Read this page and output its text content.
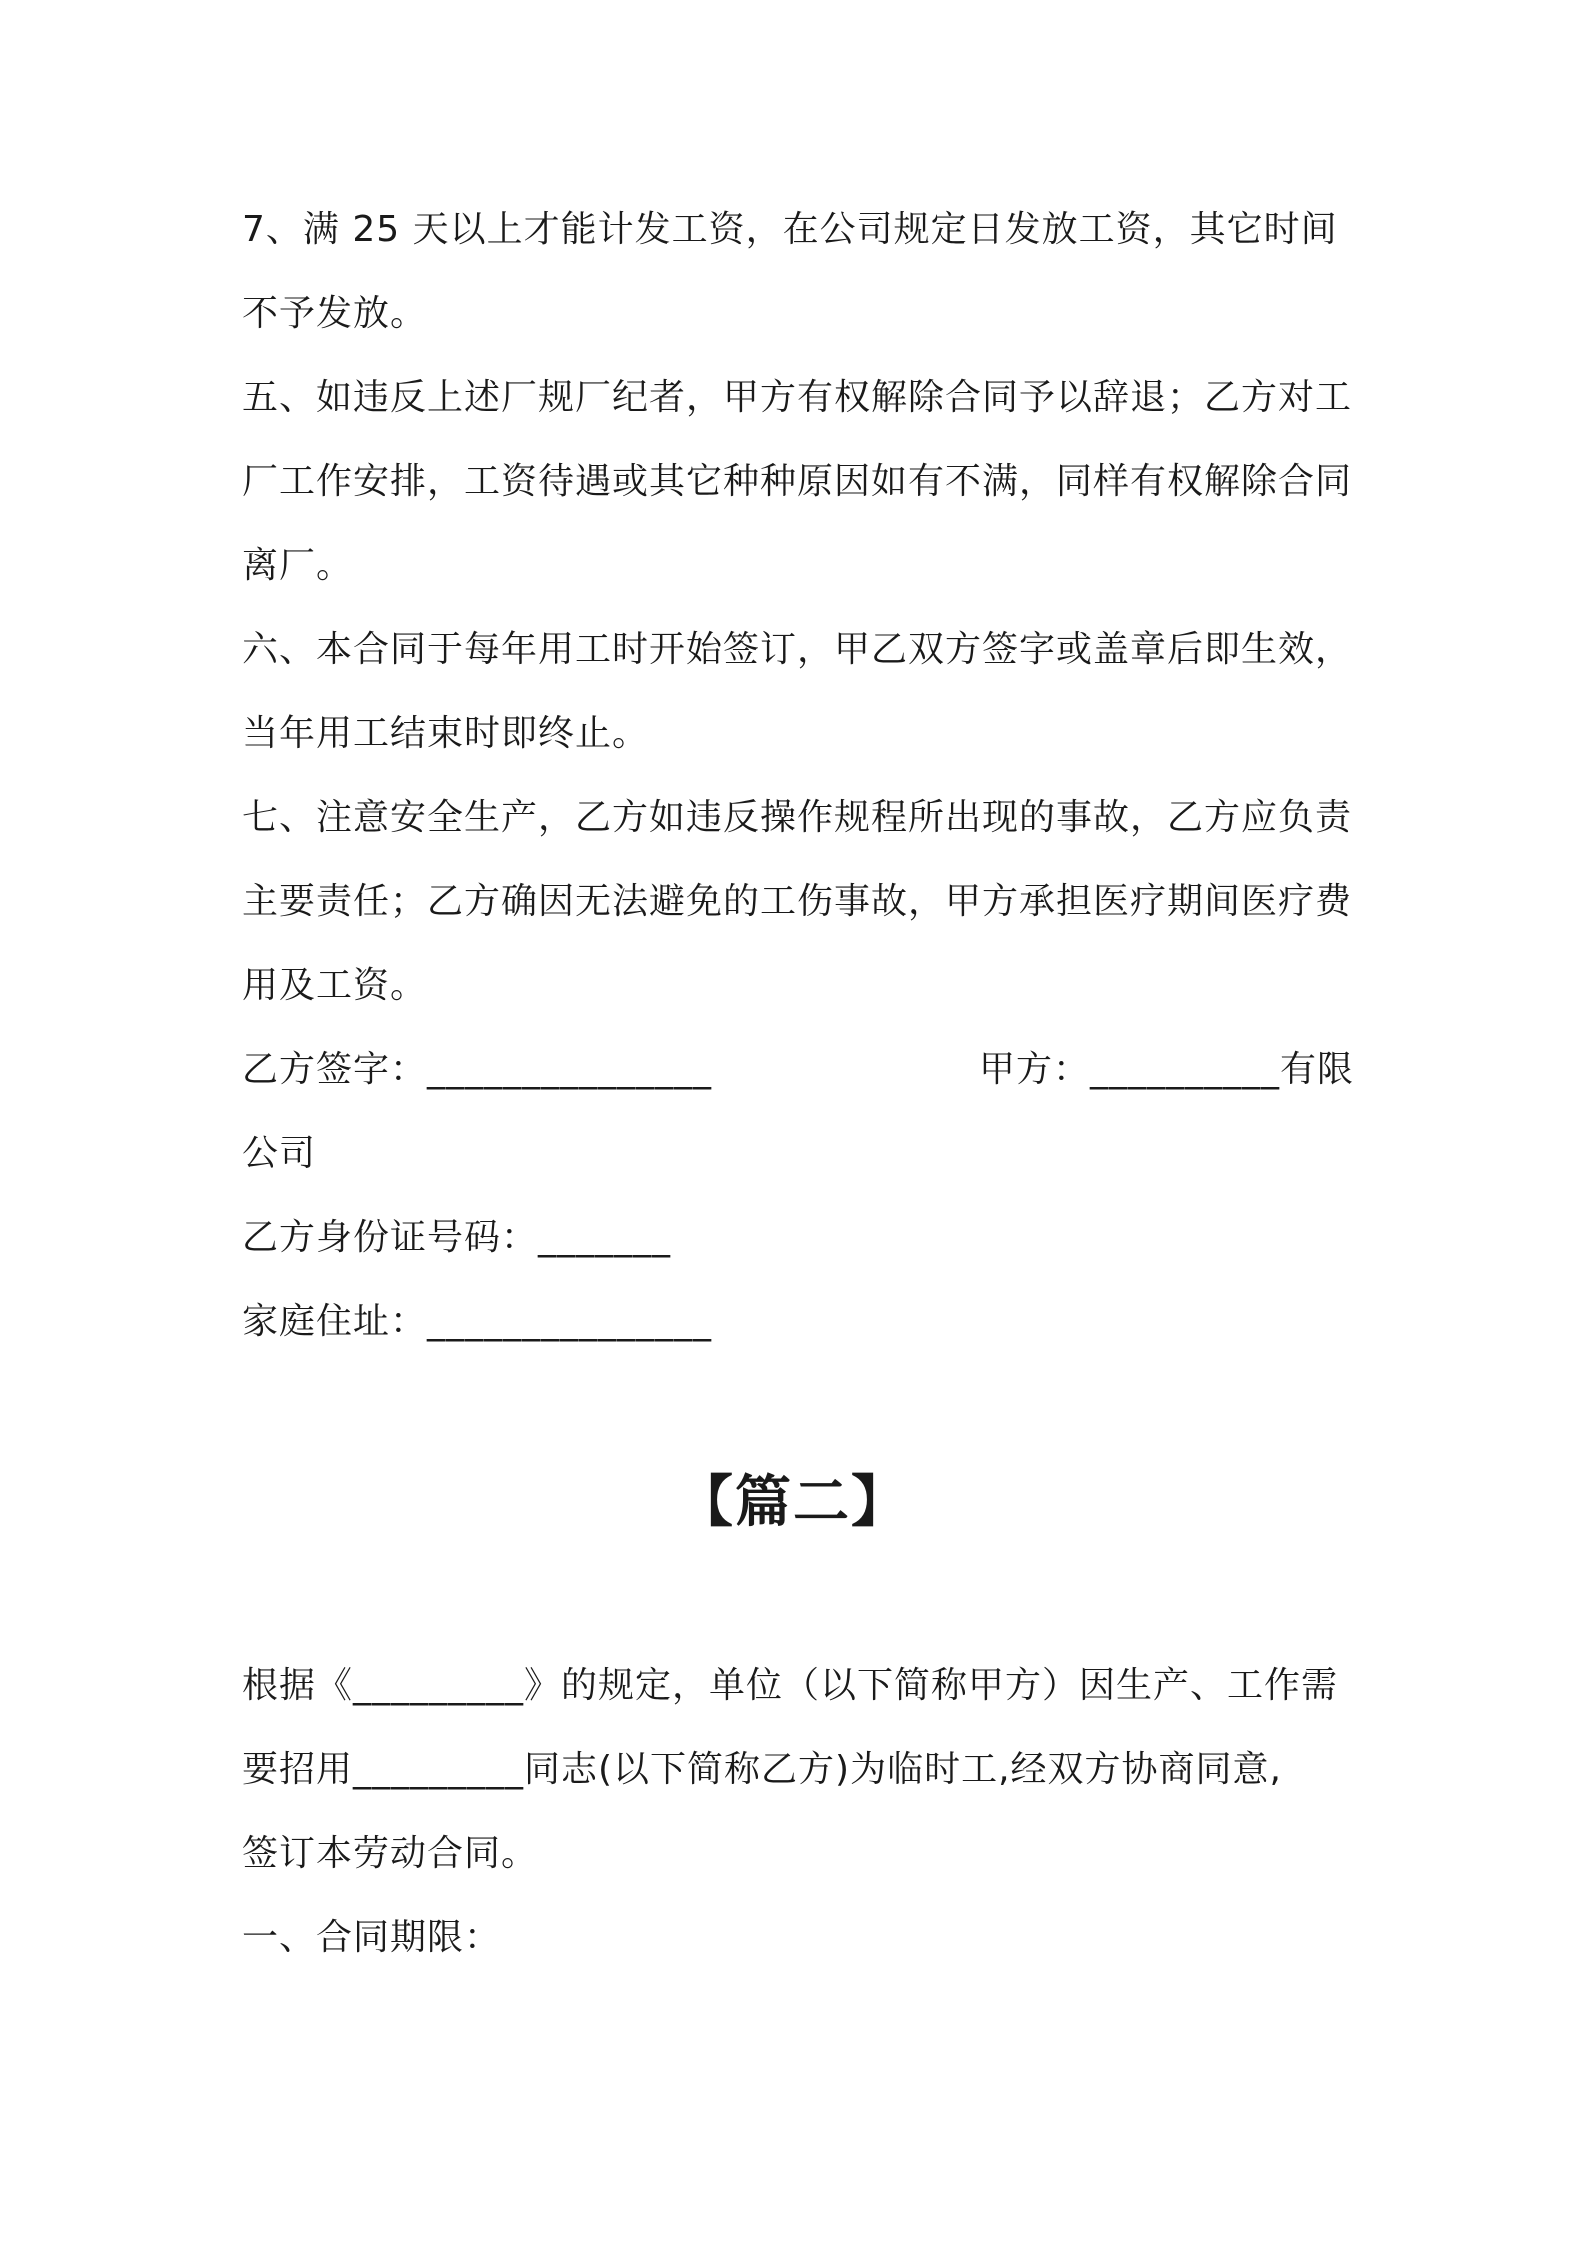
7、满 25 天以上才能计发工资，在公司规定日发放工资，其它时间
不予发放。
五、如违反上述厂规厂纪者，甲方有权解除合同予以辞退；乙方对工
厂工作安排，工资待遇或其它种种原因如有不满，同样有权解除合同
离厂。
六、本合同于每年用工时开始签订，甲乙双方签字或盖章后即生效，
当年用工结束时即终止。
七、注意安全生产，乙方如违反操作规程所出现的事故，乙方应负责
主要责任；乙方确因无法避免的工伤事故，甲方承担医疗期间医疗费
用及工资。
乙方签字：_______________	甲方：__________有限
公司
乙方身份证号码：_______
家庭住址：_______________
【篇二】
根据《_________》的规定，单位（以下简称甲方）因生产、工作需
要招用_________同志(以下简称乙方)为临时工,经双方协商同意,
签订本劳动合同。
一、合同期限：
